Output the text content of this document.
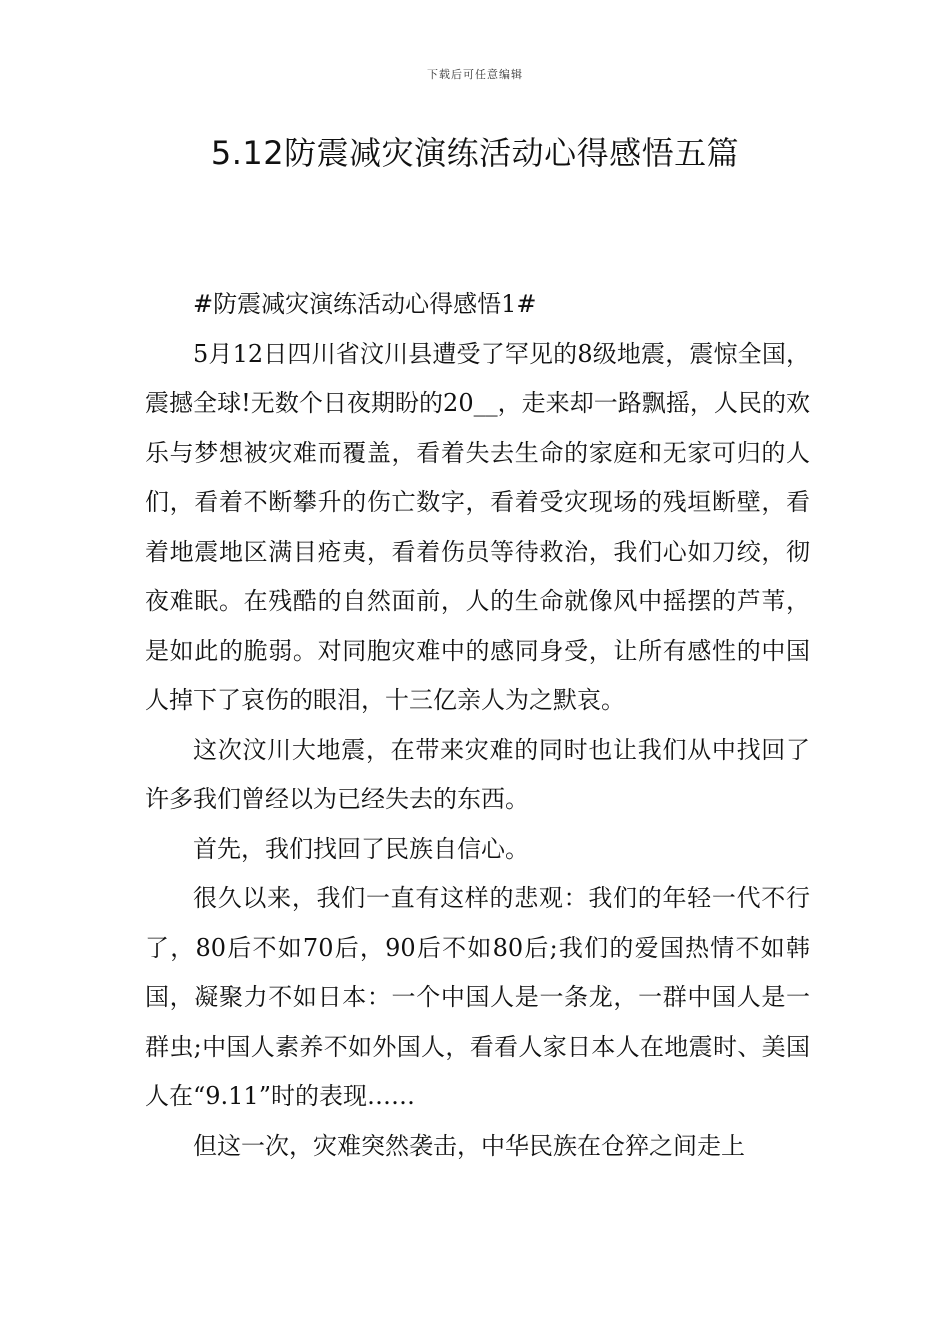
下载后可任意编辑
5.12防震减灾演练活动心得感悟五篇

#防震减灾演练活动心得感悟1#

5月12日四川省汶川县遭受了罕见的8级地震，震惊全国，震撼全球!无数个日夜期盼的20__，走来却一路飘摇，人民的欢乐与梦想被灾难而覆盖，看着失去生命的家庭和无家可归的人们，看着不断攀升的伤亡数字，看着受灾现场的残垣断壁，看着地震地区满目疮夷，看着伤员等待救治，我们心如刀绞，彻夜难眠。在残酷的自然面前，人的生命就像风中摇摆的芦苇，是如此的脆弱。对同胞灾难中的感同身受，让所有感性的中国人掉下了哀伤的眼泪，十三亿亲人为之默哀。

这次汶川大地震，在带来灾难的同时也让我们从中找回了许多我们曾经以为已经失去的东西。

首先，我们找回了民族自信心。

很久以来，我们一直有这样的悲观：我们的年轻一代不行了，80后不如70后，90后不如80后;我们的爱国热情不如韩国，凝聚力不如日本：一个中国人是一条龙，一群中国人是一群虫;中国人素养不如外国人，看看人家日本人在地震时、美国人在“9.11”时的表现……

但这一次，灾难突然袭击，中华民族在仓猝之间走上
